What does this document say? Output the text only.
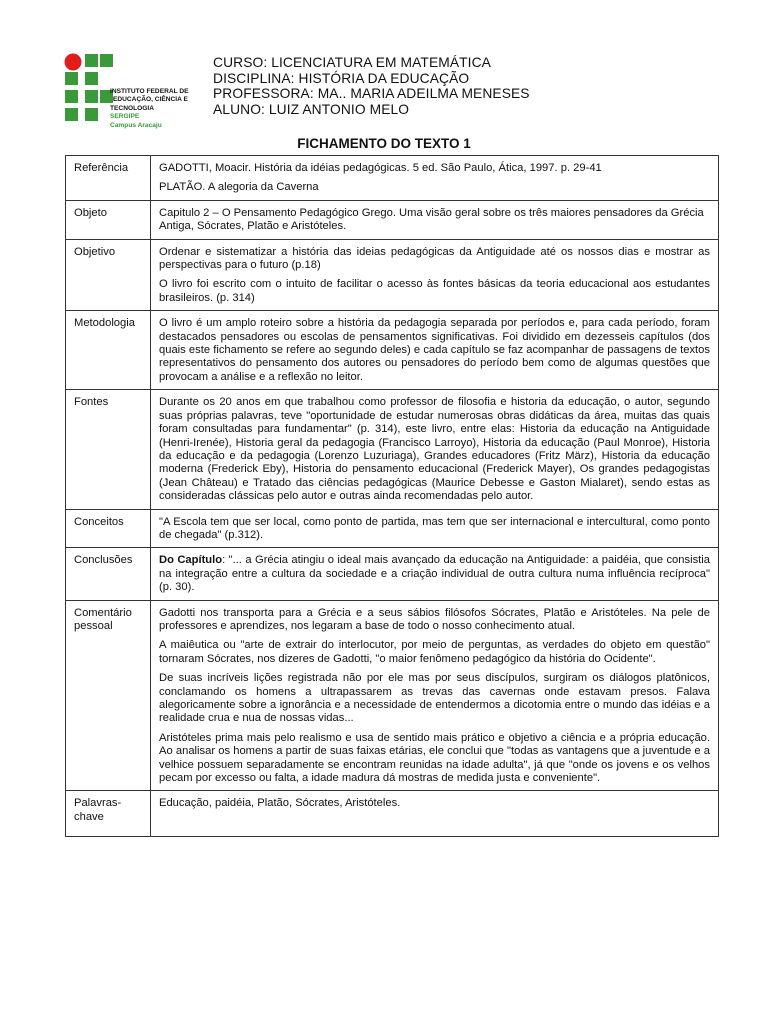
INSTITUTO FEDERAL DE
EDUCAÇÃO, CIÊNCIA E
TECNOLOGIA
SERGIPE
Campus Aracaju
CURSO: LICENCIATURA EM MATEMÁTICA
DISCIPLINA: HISTÓRIA DA EDUCAÇÃO
PROFESSORA: MA.. MARIA ADEILMA MENESES
ALUNO: LUIZ ANTONIO MELO
FICHAMENTO DO TEXTO 1
Referência	GADOTTI, Moacir. História da idéias pedagógicas. 5 ed. São Paulo, Ática, 1997. p. 29-41

PLATÃO. A alegoria da Caverna

Objeto	Capitulo 2 – O Pensamento Pedagógico Grego. Uma visão geral sobre os três maiores pensadores da Grécia Antiga, Sócrates, Platão e Aristóteles.

Objetivo	Ordenar e sistematizar a história das ideias pedagógicas da Antiguidade até os nossos dias e mostrar as perspectivas para o futuro (p.18)

O livro foi escrito com o intuito de facilitar o acesso às fontes básicas da teoria educacional aos estudantes brasileiros. (p. 314)

Metodologia	O livro é um amplo roteiro sobre a história da pedagogia separada por períodos e, para cada período, foram destacados pensadores ou escolas de pensamentos significativas. Foi dividido em dezesseis capítulos (dos quais este fichamento se refere ao segundo deles) e cada capítulo se faz acompanhar de passagens de textos representativos do pensamento dos autores ou pensadores do período bem como de algumas questões que provocam a análise e a reflexão no leitor.

Fontes	Durante os 20 anos em que trabalhou como professor de filosofia e historia da educação, o autor, segundo suas próprias palavras, teve "oportunidade de estudar numerosas obras didáticas da área, muitas das quais foram consultadas para fundamentar" (p. 314), este livro, entre elas: Historia da educação na Antiguidade (Henri-Irenée), Historia geral da pedagogia (Francisco Larroyo), Historia da educação (Paul Monroe), Historia da educação e da pedagogia (Lorenzo Luzuriaga), Grandes educadores (Fritz März), Historia da educação moderna (Frederick Eby), Historia do pensamento educacional (Frederick Mayer), Os grandes pedagogistas (Jean Château) e Tratado das ciências pedagógicas (Maurice Debesse e Gaston Mialaret), sendo estas as consideradas clássicas pelo autor e outras ainda recomendadas pelo autor.

Conceitos	"A Escola tem que ser local, como ponto de partida, mas tem que ser internacional e intercultural, como ponto de chegada" (p.312).

Conclusões	Do Capítulo: "... a Grécia atingiu o ideal mais avançado da educação na Antiguidade: a paidéia, que consistia na integração entre a cultura da sociedade e a criação individual de outra cultura numa influência recíproca" (p. 30).

Comentário pessoal	Gadotti nos transporta para a Grécia e a seus sábios filósofos Sócrates, Platão e Aristóteles. Na pele de professores e aprendizes, nos legaram a base de todo o nosso conhecimento atual.

A maiêutica ou "arte de extrair do interlocutor, por meio de perguntas, as verdades do objeto em questão" tornaram Sócrates, nos dizeres de Gadotti, "o maior fenômeno pedagógico da história do Ocidente".

De suas incríveis lições registrada não por ele mas por seus discípulos, surgiram os diálogos platônicos, conclamando os homens a ultrapassarem as trevas das cavernas onde estavam presos. Falava alegoricamente sobre a ignorância e a necessidade de entendermos a dicotomia entre o mundo das idéias e a realidade crua e nua de nossas vidas...

Aristóteles prima mais pelo realismo e usa de sentido mais prático e objetivo a ciência e a própria educação. Ao analisar os homens a partir de suas faixas etárias, ele conclui que "todas as vantagens que a juventude e a velhice possuem separadamente se encontram reunidas na idade adulta", já que "onde os jovens e os velhos pecam por excesso ou falta, a idade madura dá mostras de medida justa e conveniente".

Palavras-chave	Educação, paidéia, Platão, Sócrates, Aristóteles.
